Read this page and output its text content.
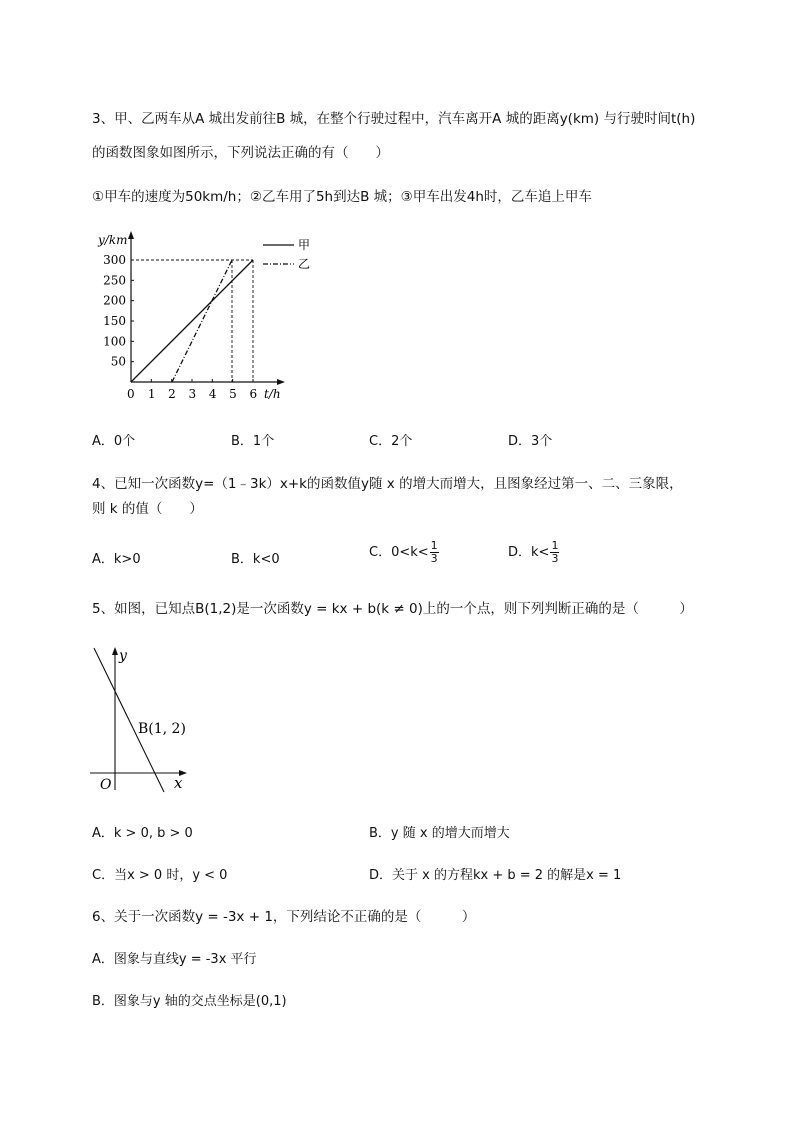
3、甲、乙两车从A 城出发前往B 城，在整个行驶过程中，汽车离开A 城的距离y(km) 与行驶时间t(h)
的函数图象如图所示，下列说法正确的有（　　）
①甲车的速度为50km/h；②乙车用了5h到达B 城；③甲车出发4h时，乙车追上甲车
y/km
t/h
0 1 2 3 4 5 6
50
100
150
200
250
300
甲
乙
A．0个	B．1个	C．2个	D．3个
4、已知一次函数y=（1﹣3k）x+k的函数值y随 x 的增大而增大，且图象经过第一、二、三象限，
则 k 的值（　　）
A．k>0	B．k<0	C．$0<k< \frac{1}{3}$	D．$k< \frac{1}{3}$
5、如图，已知点B(1,2)是一次函数y = kx + b(k ≠ 0)上的一个点，则下列判断正确的是（　　　）
y
x
O
B(1, 2)
A．k > 0, b > 0	B．y 随 x 的增大而增大
C．当x > 0 时，y < 0	D．关于 x 的方程kx + b = 2 的解是x = 1
6、关于一次函数y = -3x + 1，下列结论不正确的是（　　　）
A．图象与直线y = -3x 平行
B．图象与y 轴的交点坐标是(0,1)
